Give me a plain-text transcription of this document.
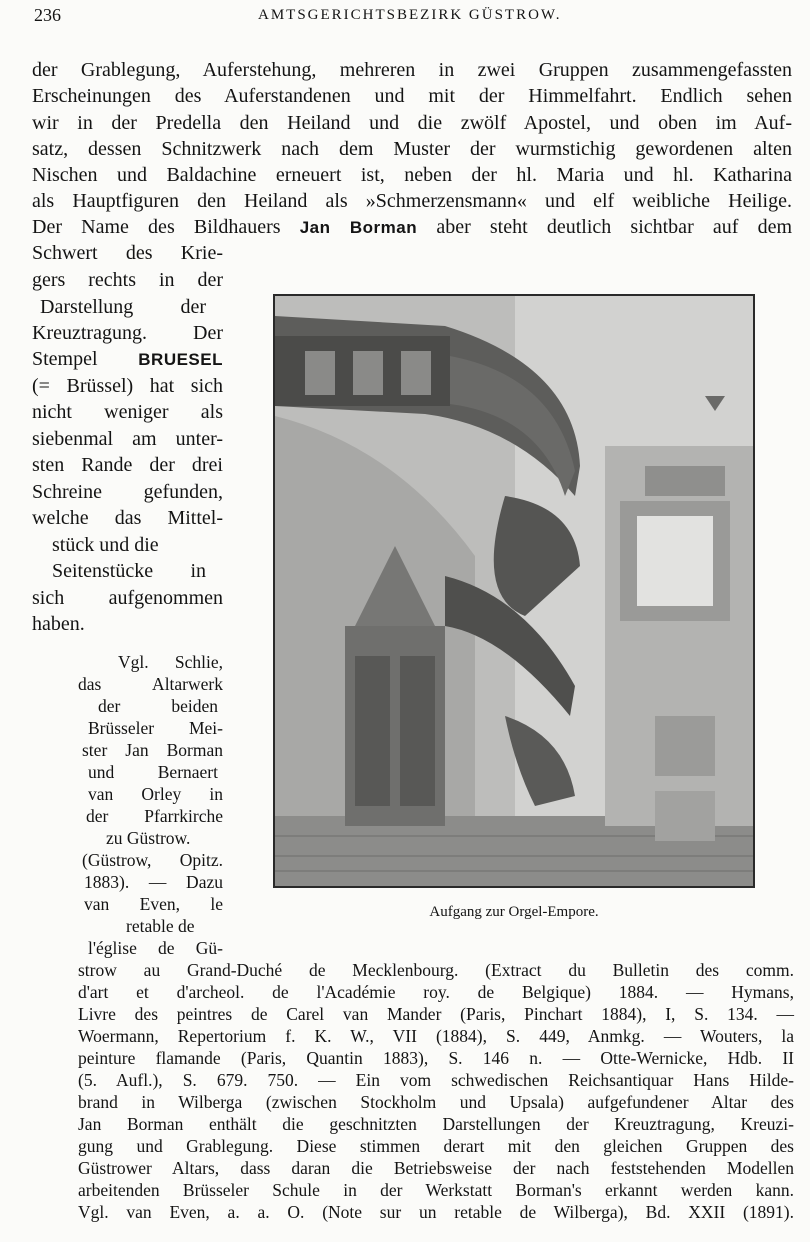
236	AMTSGERICHTSBEZIRK GÜSTROW.
der Grablegung, Auferstehung, mehreren in zwei Gruppen zusammengefassten
Erscheinungen des Auferstandenen und mit der Himmelfahrt. Endlich sehen
wir in der Predella den Heiland und die zwölf Apostel, und oben im Auf-
satz, dessen Schnitzwerk nach dem Muster der wurmstichig gewordenen alten
Nischen und Baldachine erneuert ist, neben der hl. Maria und hl. Katharina
als Hauptfiguren den Heiland als »Schmerzensmann« und elf weibliche Heilige.
Der Name des Bildhauers Jan Borman aber steht deutlich sichtbar auf dem
Schwert des Krie-
gers rechts in der
Darstellung der
Kreuztragung. Der
Stempel BRUESEL
(= Brüssel) hat sich
nicht weniger als
siebenmal am unter-
sten Rande der drei
Schreine gefunden,
welche das Mittel-
stück und die
Seitenstücke in
sich aufgenommen
haben.
Vgl. Schlie,
das Altarwerk
der beiden
Brüsseler Mei-
ster Jan Borman
und Bernaert
van Orley in
der Pfarrkirche
zu Güstrow.
(Güstrow, Opitz.
1883). — Dazu
van Even, le
retable de
l'église de Gü-
strow au Grand-Duché de Mecklenbourg. (Extract du Bulletin des comm.
d'art et d'archeol. de l'Académie roy. de Belgique) 1884. — Hymans,
Livre des peintres de Carel van Mander (Paris, Pinchart 1884), I, S. 134. —
Woermann, Repertorium f. K. W., VII (1884), S. 449, Anmkg. — Wouters, la
peinture flamande (Paris, Quantin 1883), S. 146 n. — Otte-Wernicke, Hdb. II
(5. Aufl.), S. 679. 750. — Ein vom schwedischen Reichsantiquar Hans Hilde-
brand in Wilberga (zwischen Stockholm und Upsala) aufgefundener Altar des
Jan Borman enthält die geschnitzten Darstellungen der Kreuztragung, Kreuzi-
gung und Grablegung. Diese stimmen derart mit den gleichen Gruppen des
Güstrower Altars, dass daran die Betriebsweise der nach feststehenden Modellen
arbeitenden Brüsseler Schule in der Werkstatt Borman's erkannt werden kann.
Vgl. van Even, a. a. O. (Note sur un retable de Wilberga), Bd. XXII (1891).
Aufgang zur Orgel-Empore.
